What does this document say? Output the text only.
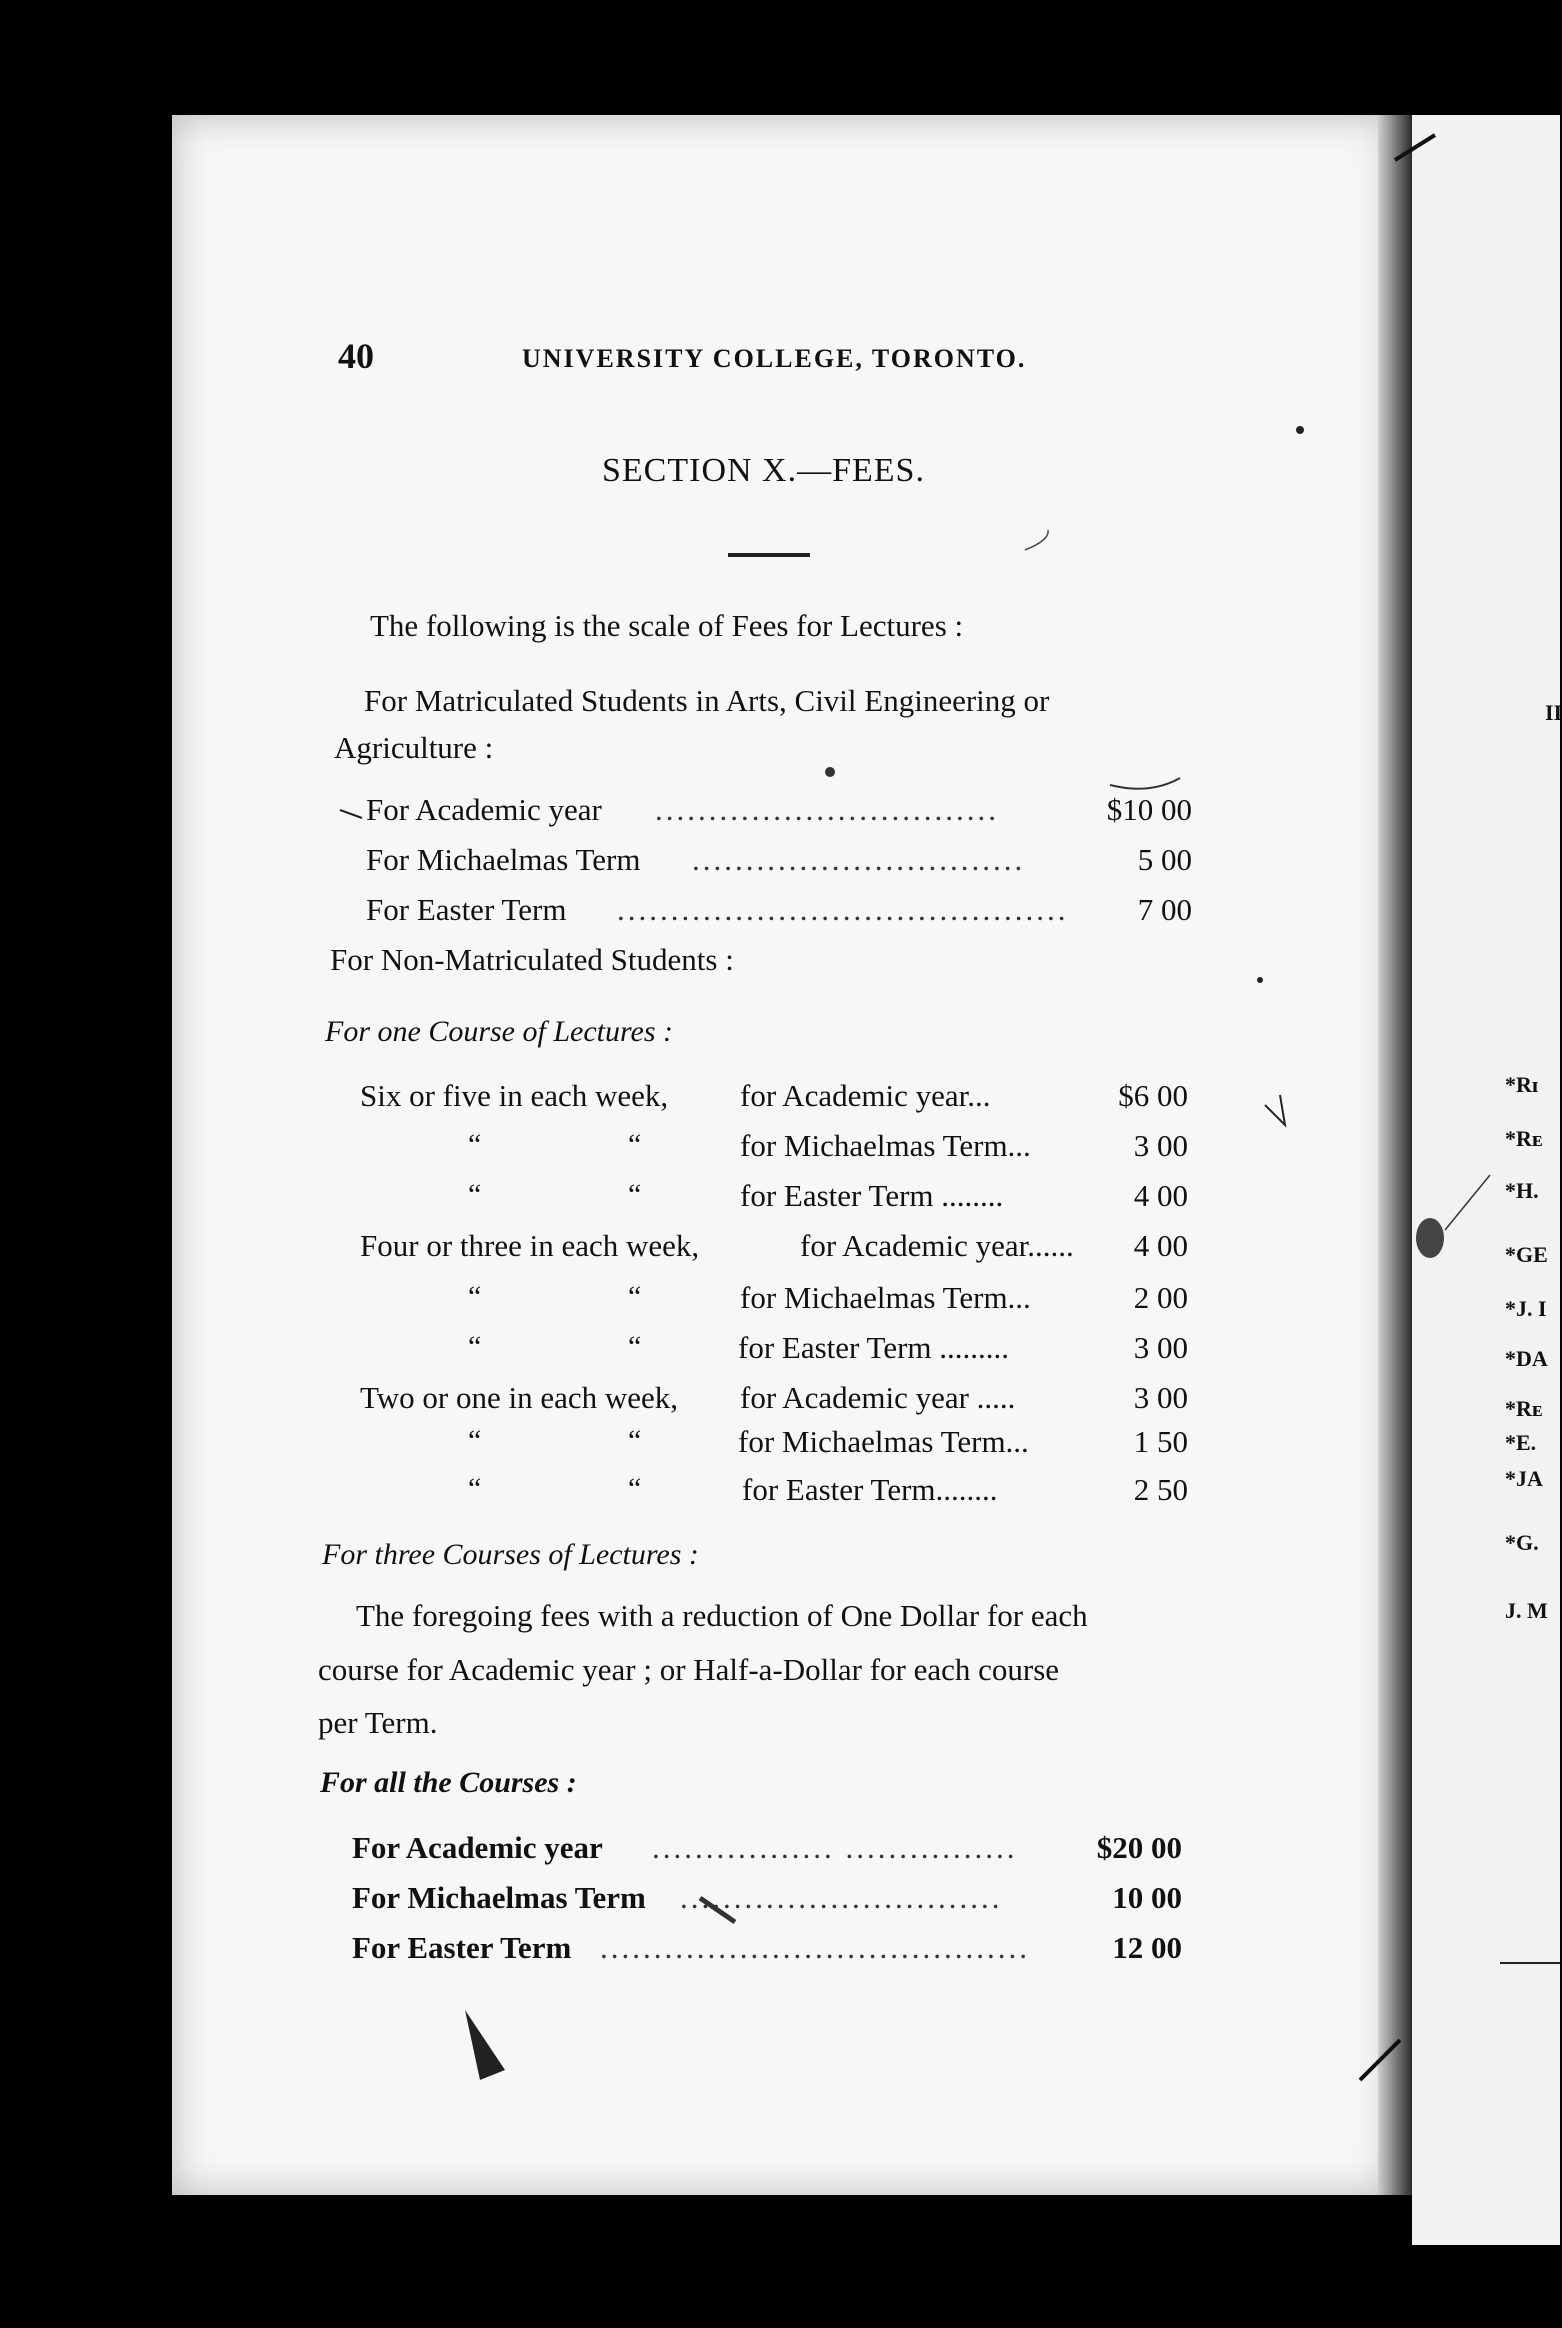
40	UNIVERSITY COLLEGE, TORONTO.
SECTION X.—FEES.
The following is the scale of Fees for Lectures :
For Matriculated Students in Arts, Civil Engineering or
Agriculture :
For Academic year ................................	$10 00
For Michaelmas Term ...............................	5 00
For Easter Term .......................................... 7 00
For Non-Matriculated Students :
For one Course of Lectures :
Six or five in each week, for Academic year...	$6 00
“	“	for Michaelmas Term...	3 00
“	“	for Easter Term ........	4 00
Four or three in each week,	for Academic year...... 4 00
“	“	for Michaelmas Term...	2 00
“	“	for Easter Term .........	3 00
Two or one in each week, for Academic year .....	3 00
“	“	for Michaelmas Term...	1 50
“	“	for Easter Term........	2 50
For three Courses of Lectures :
The foregoing fees with a reduction of One Dollar for each
course for Academic year ; or Half-a-Dollar for each course
per Term.
For all the Courses :
For Academic year ................. ................	$20 00
For Michaelmas Term ..............................	10 00
For Easter Term ........................................	12 00
II
*Rɪ
*Rᴇ
*H.
*GE
*J. I
*DA
*Rᴇ
*E.
*JA
*G.
J. M
